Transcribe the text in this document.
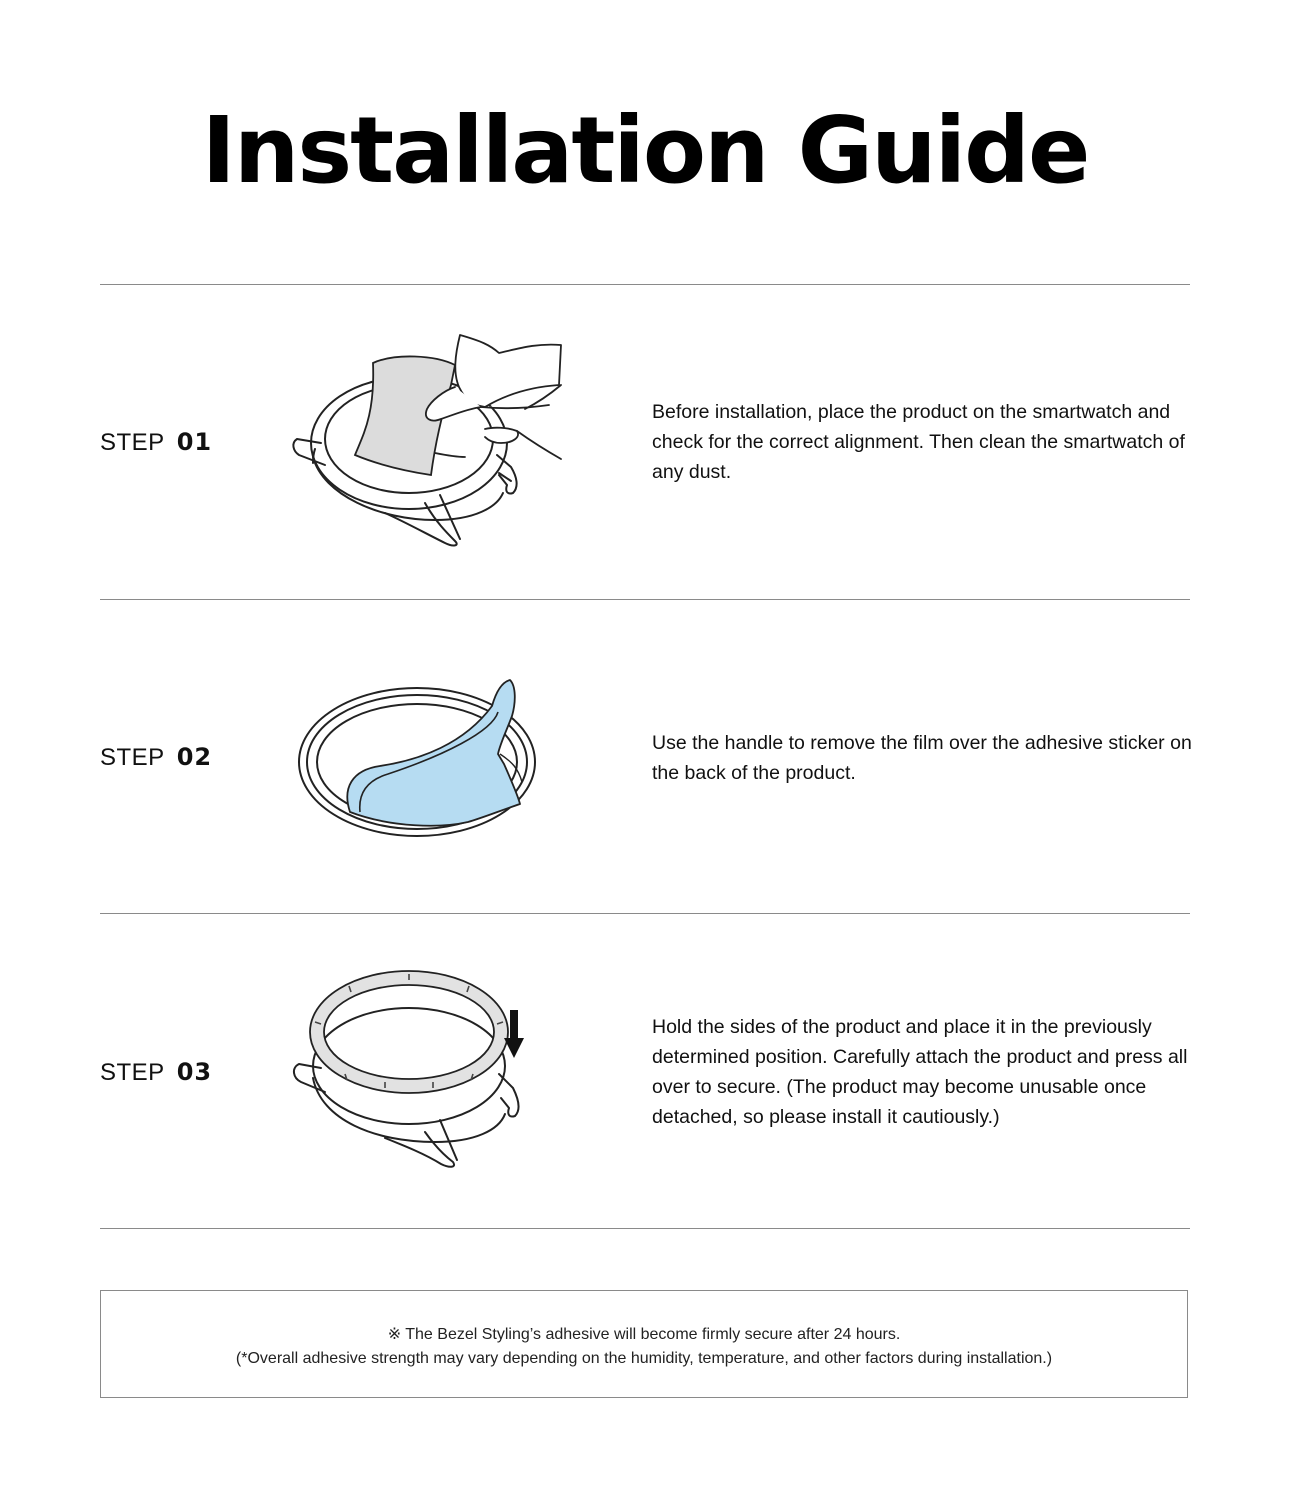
Installation Guide
STEP 01

Before installation, place the product on the smartwatch and check for the correct alignment. Then clean the smartwatch of any dust.

STEP 02	Use the handle to remove the film over the adhesive sticker on the back of the product.

STEP 03

Hold the sides of the product and place it in the previously determined position. Carefully attach the product and press all over to secure. (The product may become unusable once detached, so please install it cautiously.)

※ The Bezel Styling’s adhesive will become firmly secure after 24 hours.
(*Overall adhesive strength may vary depending on the humidity, temperature, and other factors during installation.)
